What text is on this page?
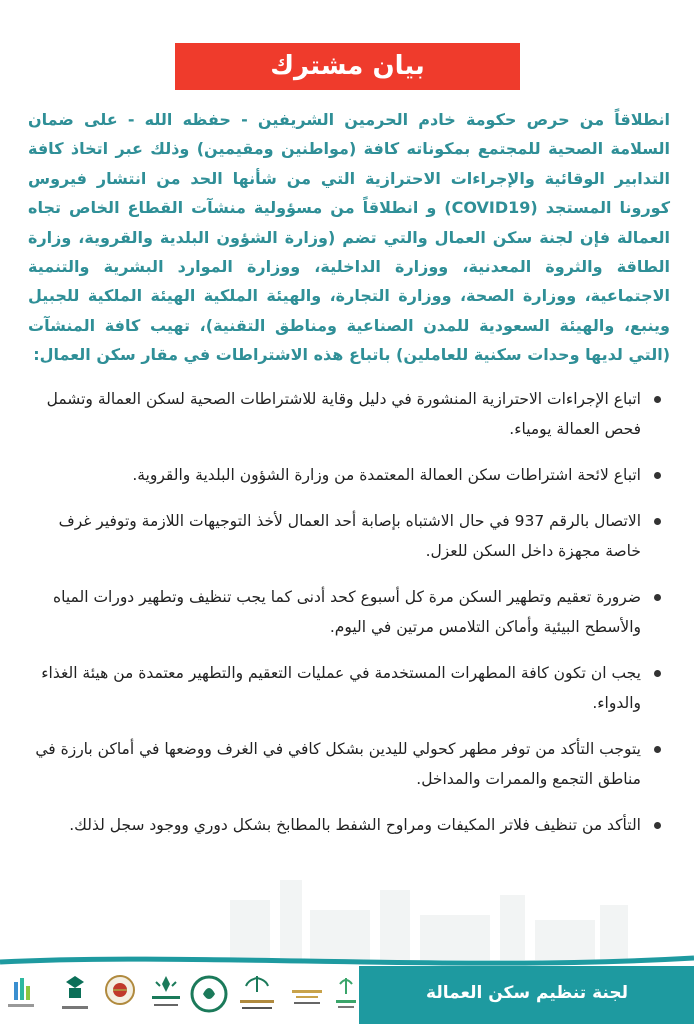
بيان مشترك

انطلاقاً من حرص حكومة خادم الحرمين الشريفين - حفظه الله - على ضمان السلامة الصحية للمجتمع بمكوناته كافة (مواطنين ومقيمين) وذلك عبر اتخاذ كافة التدابير الوقائية والإجراءات الاحترازية التي من شأنها الحد من انتشار فيروس كورونا المستجد (COVID19) و انطلاقاً من مسؤولية منشآت القطاع الخاص تجاه العمالة فإن لجنة سكن العمال والتي تضم (وزارة الشؤون البلدية والقروية، وزارة الطاقة والثروة المعدنية، ووزارة الداخلية، ووزارة الموارد البشرية والتنمية الاجتماعية، ووزارة الصحة، ووزارة التجارة، والهيئة الملكية الهيئة الملكية للجبيل وينبع، والهيئة السعودية للمدن الصناعية ومناطق التقنية)، تهيب كافة المنشآت (التي لديها وحدات سكنية للعاملين) باتباع هذه الاشتراطات في مقار سكن العمال:

اتباع الإجراءات الاحترازية المنشورة في دليل وقاية للاشتراطات الصحية لسكن العمالة وتشمل فحص العمالة يومياء.
اتباع لائحة اشتراطات سكن العمالة المعتمدة من وزارة الشؤون البلدية والقروية.
الاتصال بالرقم 937 في حال الاشتباه بإصابة أحد العمال لأخذ التوجيهات اللازمة وتوفير غرف خاصة مجهزة داخل السكن للعزل.
ضرورة تعقيم وتطهير السكن مرة كل أسبوع كحد أدنى كما يجب تنظيف وتطهير دورات المياه والأسطح البيئية وأماكن التلامس مرتين في اليوم.
يجب ان تكون كافة المطهرات المستخدمة في عمليات التعقيم والتطهير معتمدة من هيئة الغذاء والدواء.
يتوجب التأكد من توفر مطهر كحولي لليدين بشكل كافي في الغرف ووضعها في أماكن بارزة في مناطق التجمع والممرات والمداخل.
التأكد من تنظيف فلاتر المكيفات ومراوح الشفط بالمطابخ بشكل دوري ووجود سجل لذلك.
لجنة تنظيم سكن العمالة
